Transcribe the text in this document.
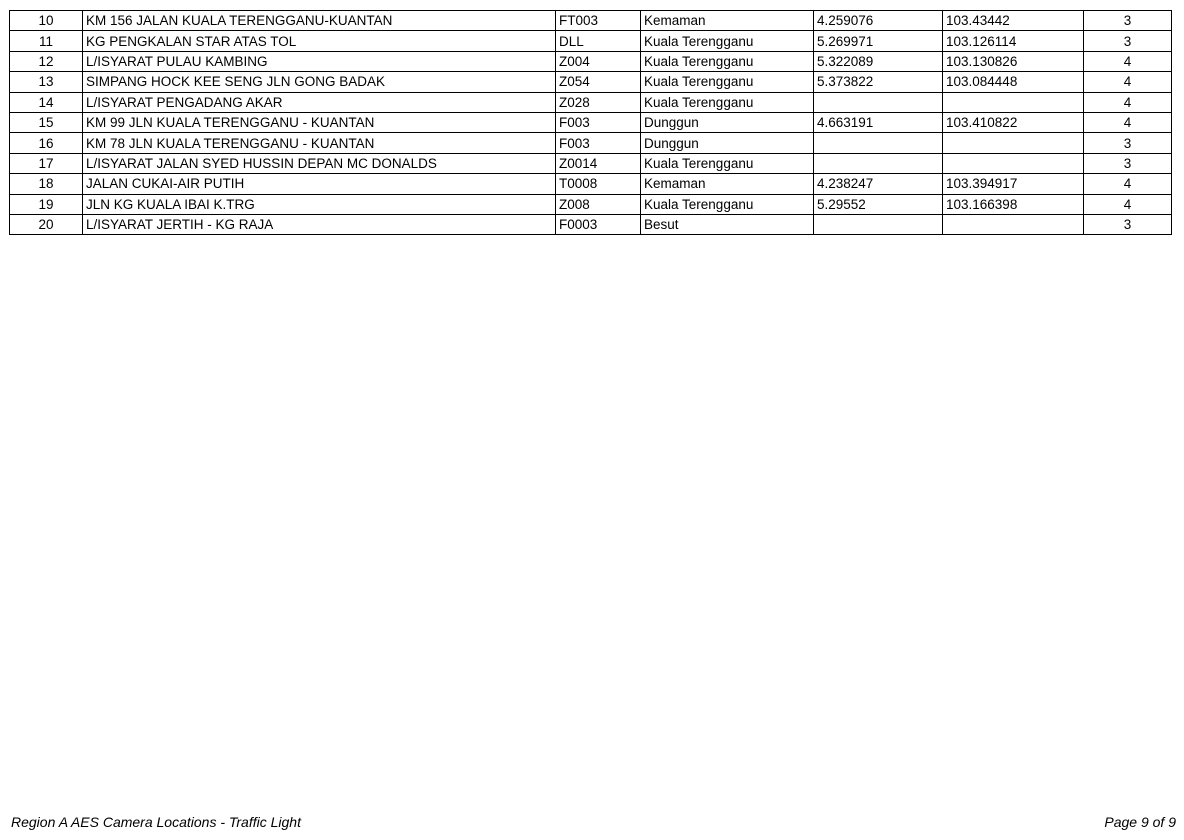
10	KM 156 JALAN KUALA TERENGGANU-KUANTAN	FT003	Kemaman	4.259076	103.43442	3
11	KG PENGKALAN STAR ATAS TOL	DLL	Kuala Terengganu	5.269971	103.126114	3
12	L/ISYARAT PULAU KAMBING	Z004	Kuala Terengganu	5.322089	103.130826	4
13	SIMPANG HOCK KEE SENG JLN GONG BADAK	Z054	Kuala Terengganu	5.373822	103.084448	4
14	L/ISYARAT PENGADANG AKAR	Z028	Kuala Terengganu			4
15	KM 99 JLN KUALA TERENGGANU - KUANTAN	F003	Dunggun	4.663191	103.410822	4
16	KM 78 JLN KUALA TERENGGANU - KUANTAN	F003	Dunggun			3
17	L/ISYARAT JALAN SYED HUSSIN DEPAN MC DONALDS	Z0014	Kuala Terengganu			3
18	JALAN CUKAI-AIR PUTIH	T0008	Kemaman	4.238247	103.394917	4
19	JLN KG KUALA IBAI K.TRG	Z008	Kuala Terengganu	5.29552	103.166398	4
20	L/ISYARAT JERTIH - KG RAJA	F0003	Besut			3
Region A AES Camera Locations - Traffic Light	Page 9 of 9
